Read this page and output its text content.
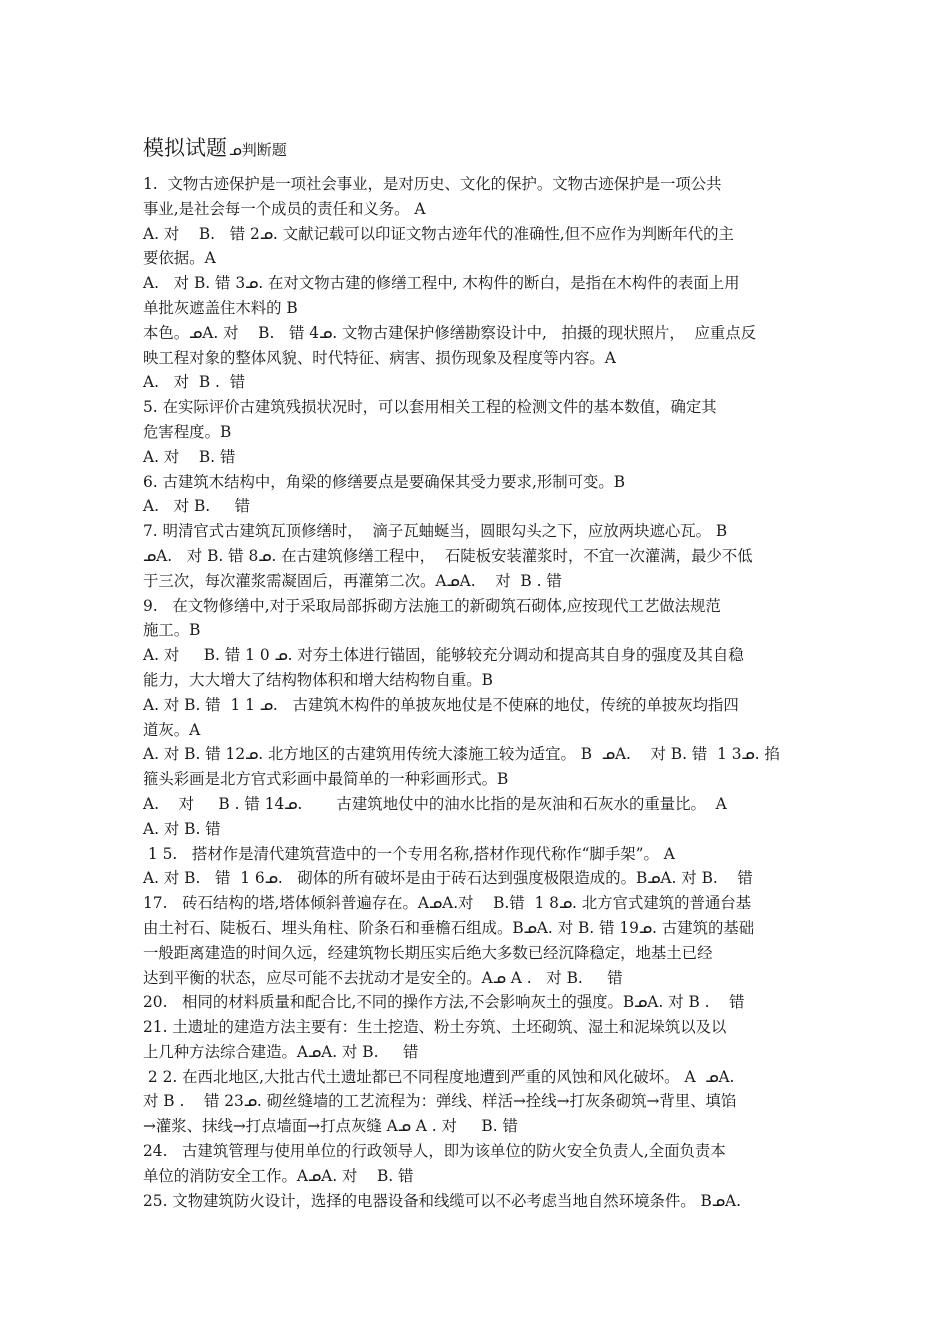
模拟试题 ᓄ判断题
1.  文物古迹保护是一项社会事业，是对历史、文化的保护。文物古迹保护是一项公共
事业,是社会每一个成员的责任和义务。 A
A. 对    B.   错 2ᓄ. 文献记载可以印证文物古迹年代的准确性,但不应作为判断年代的主
要依据。A
A.   对 B. 错 3ᓄ. 在对文物古建的修缮工程中, 木构件的断白，是指在木构件的表面上用
单批灰遮盖住木料的 B
本色。ᓄA. 对    B.   错 4ᓄ. 文物古建保护修缮勘察设计中,   拍摄的现状照片，  应重点反
映工程对象的整体风貌、时代特征、病害、损伤现象及程度等内容。A
A.   对  B .  错
5. 在实际评价古建筑残损状况时，可以套用相关工程的检测文件的基本数值，确定其
危害程度。B
A. 对    B. 错
6. 古建筑木结构中，角梁的修缮要点是要确保其受力要求,形制可变。B
A.   对 B.     错
7. 明清官式古建筑瓦顶修缮时，  滴子瓦蚰蜒当，圆眼勾头之下，应放两块遮心瓦。 B
ᓄA.   对 B. 错 8ᓄ. 在古建筑修缮工程中，  石陡板安装灌浆时，不宜一次灌满，最少不低
于三次，每次灌浆需凝固后，再灌第二次。AᓄA.    对  B . 错
9.   在文物修缮中,对于采取局部拆砌方法施工的新砌筑石砌体,应按现代工艺做法规范
施工。B
A. 对     B. 错 1 0 ᓄ. 对夯土体进行锚固，能够较充分调动和提高其自身的强度及其自稳
能力，大大增大了结构物体积和增大结构物自重。B
A. 对 B. 错  1 1 ᓄ.   古建筑木构件的单披灰地仗是不使麻的地仗，传统的单披灰均指四
道灰。A
A. 对 B. 错 12ᓄ. 北方地区的古建筑用传统大漆施工较为适宜。 B  ᓄA.    对 B. 错  1 3ᓄ. 掐
箍头彩画是北方官式彩画中最简单的一种彩画形式。B
A.    对     B . 错 14ᓄ.       古建筑地仗中的油水比指的是灰油和石灰水的重量比。  A
A. 对 B. 错
1 5.   搭材作是清代建筑营造中的一个专用名称,搭材作现代称作“脚手架”。 A
A. 对 B.   错  1 6ᓄ.   砌体的所有破坏是由于砖石达到强度极限造成的。BᓄA. 对 B.    错
17.   砖石结构的塔,塔体倾斜普遍存在。AᓄA.对    B.错  1 8ᓄ. 北方官式建筑的普通台基
由土衬石、陡板石、埋头角柱、阶条石和垂檐石组成。BᓄA. 对 B. 错 19ᓄ. 古建筑的基础
一般距离建造的时间久远，经建筑物长期压实后绝大多数已经沉降稳定，地基土已经
达到平衡的状态，应尽可能不去扰动才是安全的。Aᓄ A .   对 B.     错
20.   相同的材料质量和配合比,不同的操作方法,不会影响灰土的强度。BᓄA. 对 B .    错
21. 土遗址的建造方法主要有：生土挖造、粉土夯筑、土坯砌筑、湿土和泥垛筑以及以
上几种方法综合建造。AᓄA. 对 B.     错
2 2. 在西北地区,大批古代土遗址都已不同程度地遭到严重的风蚀和风化破坏。 A  ᓄA.
对 B .    错 23ᓄ. 砌丝缝墙的工艺流程为：弹线、样活→拴线→打灰条砌筑→背里、填馅
→灌浆、抹线→打点墙面→打点灰缝 Aᓄ A . 对     B. 错
24.   古建筑管理与使用单位的行政领导人，即为该单位的防火安全负责人,全面负责本
单位的消防安全工作。AᓄA. 对    B. 错
25. 文物建筑防火设计，选择的电器设备和线缆可以不必考虑当地自然环境条件。 BᓄA.
